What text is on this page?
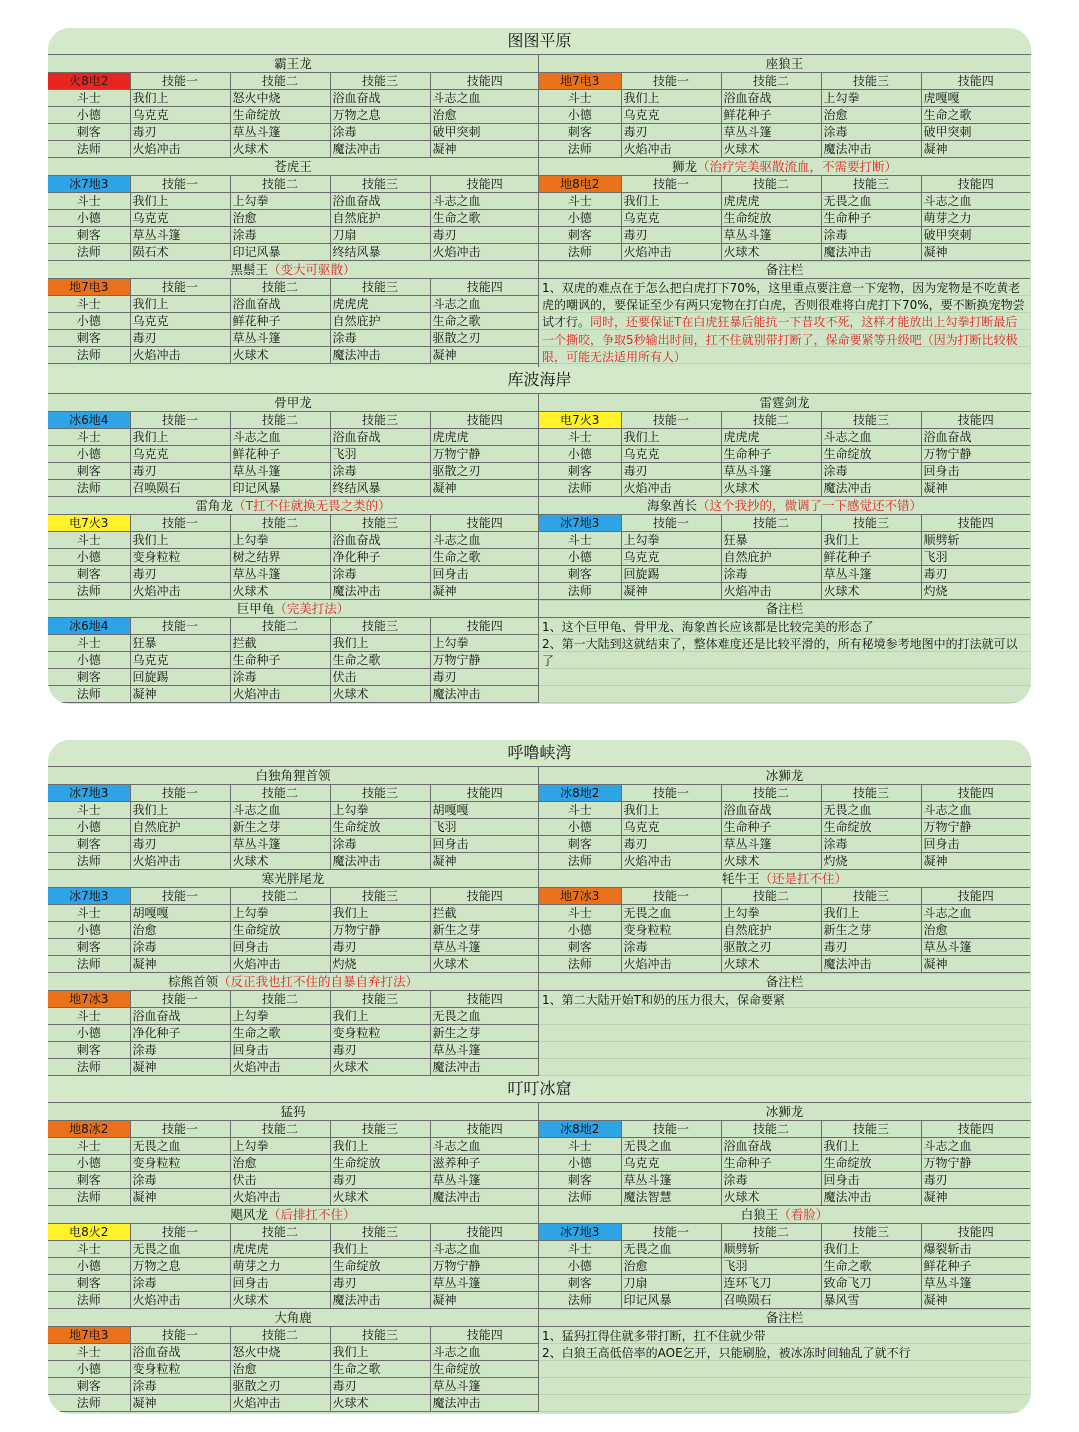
图图平原
霸王龙
火8电2	技能一	技能二	技能三	技能四
斗士	我们上	怒火中烧	浴血奋战	斗志之血
小德	乌克克	生命绽放	万物之息	治愈
刺客	毒刃	草丛斗篷	涂毒	破甲突刺
法师	火焰冲击	火球术	魔法冲击	凝神
座狼王
地7电3	技能一	技能二	技能三	技能四
斗士	我们上	浴血奋战	上勾拳	虎嘎嘎
小德	乌克克	鲜花种子	治愈	生命之歌
刺客	毒刃	草丛斗篷	涂毒	破甲突刺
法师	火焰冲击	火球术	魔法冲击	凝神
苍虎王
冰7地3	技能一	技能二	技能三	技能四
斗士	我们上	上勾拳	浴血奋战	斗志之血
小德	乌克克	治愈	自然庇护	生命之歌
刺客	草丛斗篷	涂毒	刀扇	毒刃
法师	陨石术	印记风暴	终结风暴	火焰冲击
狮龙（治疗完美驱散流血，不需要打断）
地8电2	技能一	技能二	技能三	技能四
斗士	我们上	虎虎虎	无畏之血	斗志之血
小德	乌克克	生命绽放	生命种子	萌芽之力
刺客	毒刃	草丛斗篷	涂毒	破甲突刺
法师	火焰冲击	火球术	魔法冲击	凝神
黑鬃王（变大可驱散）
地7电3	技能一	技能二	技能三	技能四
斗士	我们上	浴血奋战	虎虎虎	斗志之血
小德	乌克克	鲜花种子	自然庇护	生命之歌
刺客	毒刃	草丛斗篷	涂毒	驱散之刃
法师	火焰冲击	火球术	魔法冲击	凝神
备注栏

1、双虎的难点在于怎么把白虎打下70%，这里重点要注意一下宠物，因为宠物是不吃黄老虎的嘲讽的，要保证至少有两只宠物在打白虎，否则很难将白虎打下70%，要不断换宠物尝试才行。同时，还要保证T在白虎狂暴后能抗一下昔攻不死，这样才能放出上勾拳打断最后一个撕咬，争取5秒输出时间，扛不住就别带打断了，保命要紧等升级吧（因为打断比较极限，可能无法适用所有人）

库波海岸
骨甲龙
冰6地4	技能一	技能二	技能三	技能四
斗士	我们上	斗志之血	浴血奋战	虎虎虎
小德	乌克克	鲜花种子	飞羽	万物宁静
刺客	毒刃	草丛斗篷	涂毒	驱散之刃
法师	召唤陨石	印记风暴	终结风暴	凝神
雷霆剑龙
电7火3	技能一	技能二	技能三	技能四
斗士	我们上	虎虎虎	斗志之血	浴血奋战
小德	乌克克	生命种子	生命绽放	万物宁静
刺客	毒刃	草丛斗篷	涂毒	回身击
法师	火焰冲击	火球术	魔法冲击	凝神
雷角龙（T扛不住就换无畏之类的）
电7火3	技能一	技能二	技能三	技能四
斗士	我们上	上勾拳	浴血奋战	斗志之血
小德	变身粒粒	树之结界	净化种子	生命之歌
刺客	毒刃	草丛斗篷	涂毒	回身击
法师	火焰冲击	火球术	魔法冲击	凝神
海象酋长（这个我抄的，微调了一下感觉还不错）
冰7地3	技能一	技能二	技能三	技能四
斗士	上勾拳	狂暴	我们上	顺劈斩
小德	乌克克	自然庇护	鲜花种子	飞羽
刺客	回旋踢	涂毒	草丛斗篷	毒刃
法师	凝神	火焰冲击	火球术	灼烧
巨甲龟（完美打法）
冰6地4	技能一	技能二	技能三	技能四
斗士	狂暴	拦截	我们上	上勾拳
小德	乌克克	生命种子	生命之歌	万物宁静
刺客	回旋踢	涂毒	伏击	毒刃
法师	凝神	火焰冲击	火球术	魔法冲击
备注栏

1、这个巨甲龟、骨甲龙、海象酋长应该都是比较完美的形态了

2、第一大陆到这就结束了，整体难度还是比较平滑的，所有秘境参考地图中的打法就可以了

呼噜峡湾
白独角狸首领
冰7地3	技能一	技能二	技能三	技能四
斗士	我们上	斗志之血	上勾拳	胡嘎嘎
小德	自然庇护	新生之芽	生命绽放	飞羽
刺客	毒刃	草丛斗篷	涂毒	回身击
法师	火焰冲击	火球术	魔法冲击	凝神
冰狮龙
冰8地2	技能一	技能二	技能三	技能四
斗士	我们上	浴血奋战	无畏之血	斗志之血
小德	乌克克	生命种子	生命绽放	万物宁静
刺客	毒刃	草丛斗篷	涂毒	回身击
法师	火焰冲击	火球术	灼烧	凝神
寒光胖尾龙
冰7地3	技能一	技能二	技能三	技能四
斗士	胡嘎嘎	上勾拳	我们上	拦截
小德	治愈	生命绽放	万物宁静	新生之芽
刺客	涂毒	回身击	毒刃	草丛斗篷
法师	凝神	火焰冲击	灼烧	火球术
牦牛王（还是扛不住）
地7冰3	技能一	技能二	技能三	技能四
斗士	无畏之血	上勾拳	我们上	斗志之血
小德	变身粒粒	自然庇护	新生之芽	治愈
刺客	涂毒	驱散之刃	毒刃	草丛斗篷
法师	火焰冲击	火球术	魔法冲击	凝神
棕熊首领（反正我也扛不住的自暴自弃打法）
地7冰3	技能一	技能二	技能三	技能四
斗士	浴血奋战	上勾拳	我们上	无畏之血
小德	净化种子	生命之歌	变身粒粒	新生之芽
刺客	涂毒	回身击	毒刃	草丛斗篷
法师	凝神	火焰冲击	火球术	魔法冲击
备注栏

1、第二大陆开始T和奶的压力很大，保命要紧

叮叮冰窟
猛犸
地8冰2	技能一	技能二	技能三	技能四
斗士	无畏之血	上勾拳	我们上	斗志之血
小德	变身粒粒	治愈	生命绽放	滋养种子
刺客	涂毒	伏击	毒刃	草丛斗篷
法师	凝神	火焰冲击	火球术	魔法冲击
冰狮龙
冰8地2	技能一	技能二	技能三	技能四
斗士	无畏之血	浴血奋战	我们上	斗志之血
小德	乌克克	生命种子	生命绽放	万物宁静
刺客	草丛斗篷	涂毒	回身击	毒刃
法师	魔法智慧	火球术	魔法冲击	凝神
飓风龙（后排扛不住）
电8火2	技能一	技能二	技能三	技能四
斗士	无畏之血	虎虎虎	我们上	斗志之血
小德	万物之息	萌芽之力	生命绽放	万物宁静
刺客	涂毒	回身击	毒刃	草丛斗篷
法师	火焰冲击	火球术	魔法冲击	凝神
白狼王（看脸）
冰7地3	技能一	技能二	技能三	技能四
斗士	无畏之血	顺劈斩	我们上	爆裂斩击
小德	治愈	飞羽	生命之歌	鲜花种子
刺客	刀扇	连环飞刀	致命飞刀	草丛斗篷
法师	印记风暴	召唤陨石	暴风雪	凝神
大角鹿
地7电3	技能一	技能二	技能三	技能四
斗士	浴血奋战	怒火中烧	我们上	斗志之血
小德	变身粒粒	治愈	生命之歌	生命绽放
刺客	涂毒	驱散之刃	毒刃	草丛斗篷
法师	凝神	火焰冲击	火球术	魔法冲击
备注栏

1、猛犸扛得住就多带打断，扛不住就少带

2、白狼王高低倍率的AOE乞开，只能刷脸，被冰冻时间轴乱了就不行
